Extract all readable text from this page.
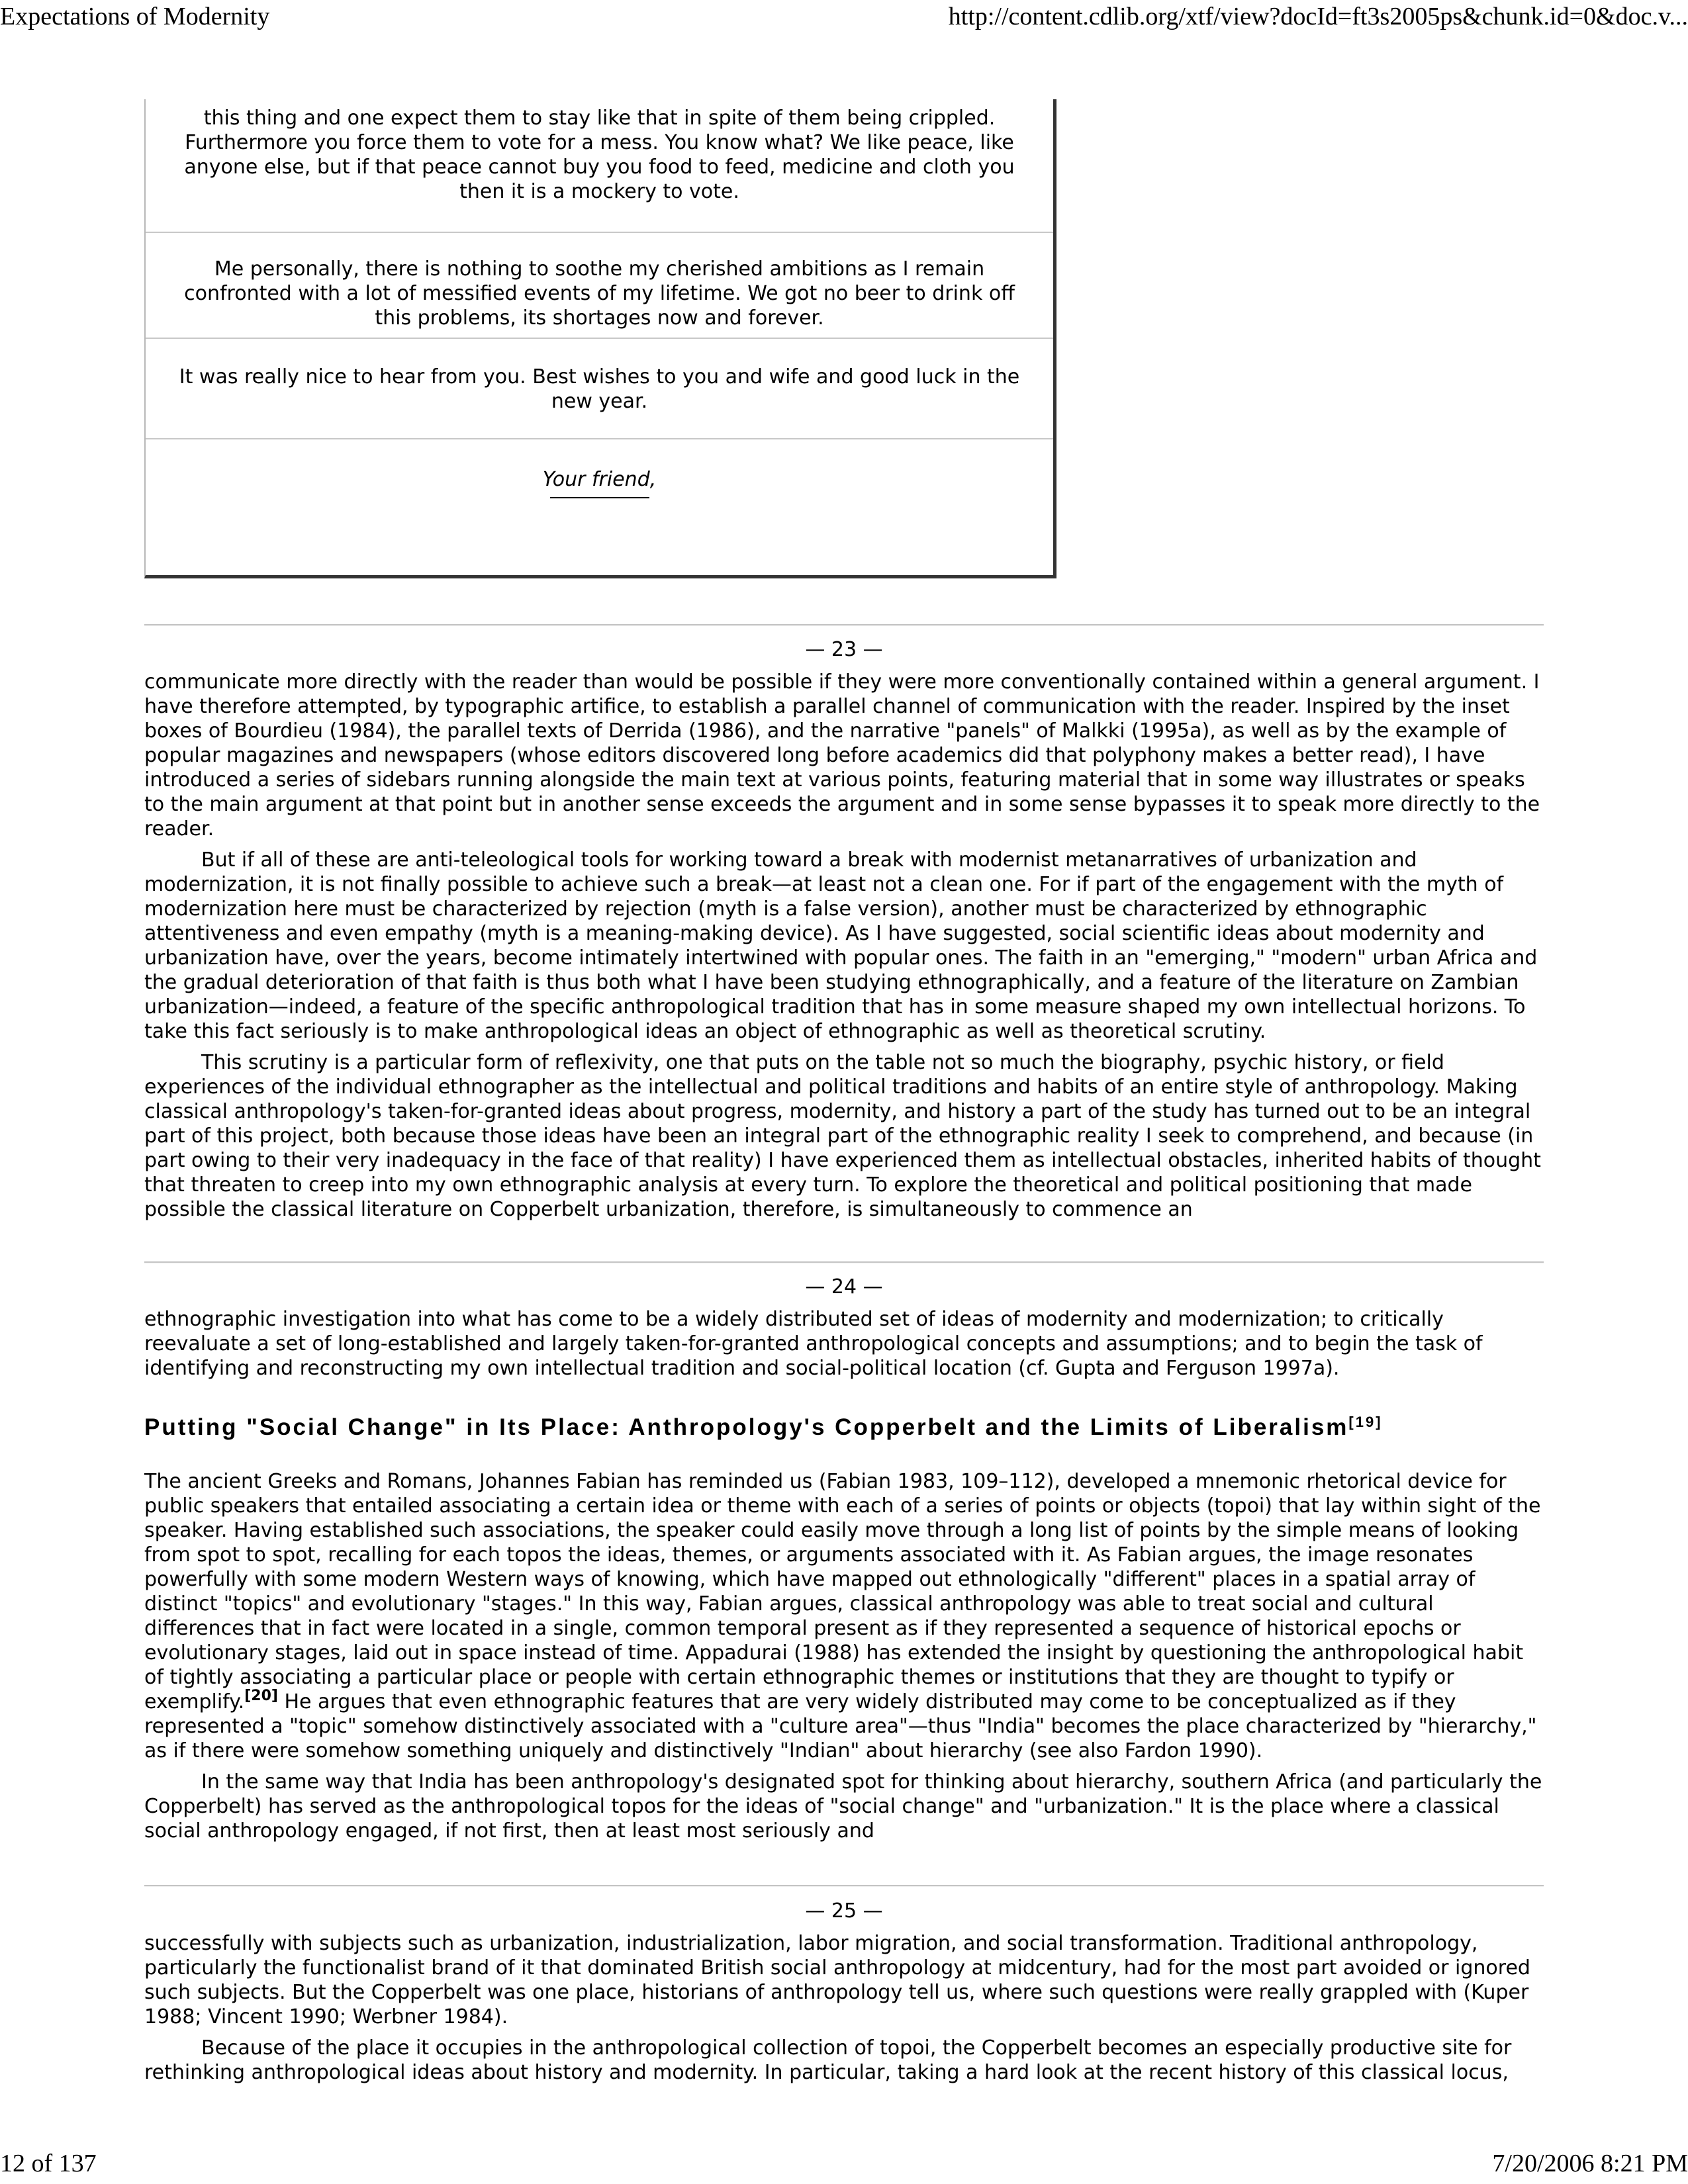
Expectations of Modernity	http://content.cdlib.org/xtf/view?docId=ft3s2005ps&chunk.id=0&doc.v...
this thing and one expect them to stay like that in spite of them being crippled. Furthermore you force them to vote for a mess. You know what? We like peace, like anyone else, but if that peace cannot buy you food to feed, medicine and cloth you then it is a mockery to vote.
Me personally, there is nothing to soothe my cherished ambitions as I remain confronted with a lot of messified events of my lifetime. We got no beer to drink off this problems, its shortages now and forever.
It was really nice to hear from you. Best wishes to you and wife and good luck in the new year.
Your friend,
— 23 —

communicate more directly with the reader than would be possible if they were more conventionally contained within a general argument. I have therefore attempted, by typographic artifice, to establish a parallel channel of communication with the reader. Inspired by the inset boxes of Bourdieu (1984), the parallel texts of Derrida (1986), and the narrative "panels" of Malkki (1995a), as well as by the example of popular magazines and newspapers (whose editors discovered long before academics did that polyphony makes a better read), I have introduced a series of sidebars running alongside the main text at various points, featuring material that in some way illustrates or speaks to the main argument at that point but in another sense exceeds the argument and in some sense bypasses it to speak more directly to the reader.

But if all of these are anti-teleological tools for working toward a break with modernist metanarratives of urbanization and modernization, it is not finally possible to achieve such a break—at least not a clean one. For if part of the engagement with the myth of modernization here must be characterized by rejection (myth is a false version), another must be characterized by ethnographic attentiveness and even empathy (myth is a meaning-making device). As I have suggested, social scientific ideas about modernity and urbanization have, over the years, become intimately intertwined with popular ones. The faith in an "emerging," "modern" urban Africa and the gradual deterioration of that faith is thus both what I have been studying ethnographically, and a feature of the literature on Zambian urbanization—indeed, a feature of the specific anthropological tradition that has in some measure shaped my own intellectual horizons. To take this fact seriously is to make anthropological ideas an object of ethnographic as well as theoretical scrutiny.

This scrutiny is a particular form of reflexivity, one that puts on the table not so much the biography, psychic history, or field experiences of the individual ethnographer as the intellectual and political traditions and habits of an entire style of anthropology. Making classical anthropology's taken-for-granted ideas about progress, modernity, and history a part of the study has turned out to be an integral part of this project, both because those ideas have been an integral part of the ethnographic reality I seek to comprehend, and because (in part owing to their very inadequacy in the face of that reality) I have experienced them as intellectual obstacles, inherited habits of thought that threaten to creep into my own ethnographic analysis at every turn. To explore the theoretical and political positioning that made possible the classical literature on Copperbelt urbanization, therefore, is simultaneously to commence an

— 24 —

ethnographic investigation into what has come to be a widely distributed set of ideas of modernity and modernization; to critically reevaluate a set of long-established and largely taken-for-granted anthropological concepts and assumptions; and to begin the task of identifying and reconstructing my own intellectual tradition and social-political location (cf. Gupta and Ferguson 1997a).

Putting "Social Change" in Its Place: Anthropology's Copperbelt and the Limits of Liberalism[19]

The ancient Greeks and Romans, Johannes Fabian has reminded us (Fabian 1983, 109–112), developed a mnemonic rhetorical device for public speakers that entailed associating a certain idea or theme with each of a series of points or objects (topoi) that lay within sight of the speaker. Having established such associations, the speaker could easily move through a long list of points by the simple means of looking from spot to spot, recalling for each topos the ideas, themes, or arguments associated with it. As Fabian argues, the image resonates powerfully with some modern Western ways of knowing, which have mapped out ethnologically "different" places in a spatial array of distinct "topics" and evolutionary "stages." In this way, Fabian argues, classical anthropology was able to treat social and cultural differences that in fact were located in a single, common temporal present as if they represented a sequence of historical epochs or evolutionary stages, laid out in space instead of time. Appadurai (1988) has extended the insight by questioning the anthropological habit of tightly associating a particular place or people with certain ethnographic themes or institutions that they are thought to typify or exemplify.[20] He argues that even ethnographic features that are very widely distributed may come to be conceptualized as if they represented a "topic" somehow distinctively associated with a "culture area"—thus "India" becomes the place characterized by "hierarchy," as if there were somehow something uniquely and distinctively "Indian" about hierarchy (see also Fardon 1990).

In the same way that India has been anthropology's designated spot for thinking about hierarchy, southern Africa (and particularly the Copperbelt) has served as the anthropological topos for the ideas of "social change" and "urbanization." It is the place where a classical social anthropology engaged, if not first, then at least most seriously and

— 25 —

successfully with subjects such as urbanization, industrialization, labor migration, and social transformation. Traditional anthropology, particularly the functionalist brand of it that dominated British social anthropology at midcentury, had for the most part avoided or ignored such subjects. But the Copperbelt was one place, historians of anthropology tell us, where such questions were really grappled with (Kuper 1988; Vincent 1990; Werbner 1984).

Because of the place it occupies in the anthropological collection of topoi, the Copperbelt becomes an especially productive site for rethinking anthropological ideas about history and modernity. In particular, taking a hard look at the recent history of this classical locus,

12 of 137	7/20/2006 8:21 PM
